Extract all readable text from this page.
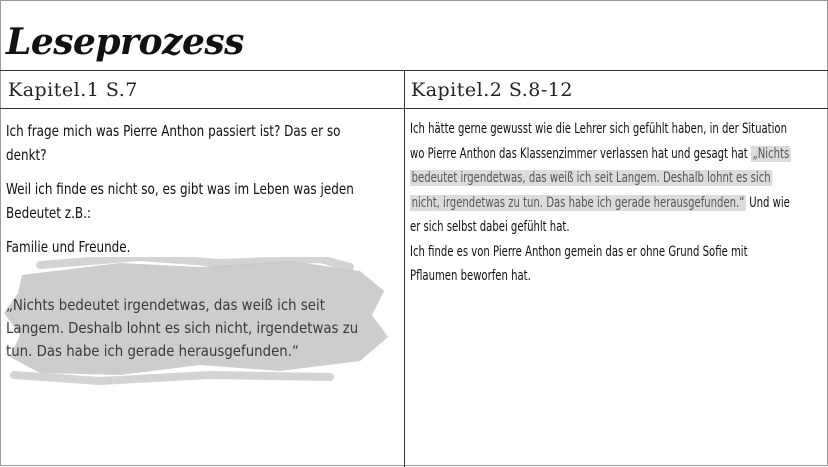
Leseprozess
Kapitel.1 S.7	Kapitel.2 S.8-12

Ich frage mich was Pierre Anthon passiert ist? Das er so denkt?

Weil ich finde es nicht so, es gibt was im Leben was jeden Bedeutet z.B.:

Familie und Freunde.

„Nichts bedeutet irgendetwas, das weiß ich seit Langem. Deshalb lohnt es sich nicht, irgendetwas zu tun. Das habe ich gerade herausgefunden.“
Ich hätte gerne gewusst wie die Lehrer sich gefühlt haben, in der Situation wo Pierre Anthon das Klassenzimmer verlassen hat und gesagt hat „Nichts bedeutet irgendetwas, das weiß ich seit Langem. Deshalb lohnt es sich nicht, irgendetwas zu tun. Das habe ich gerade herausgefunden.“ Und wie er sich selbst dabei gefühlt hat.
Ich finde es von Pierre Anthon gemein das er ohne Grund Sofie mit Pflaumen beworfen hat.
